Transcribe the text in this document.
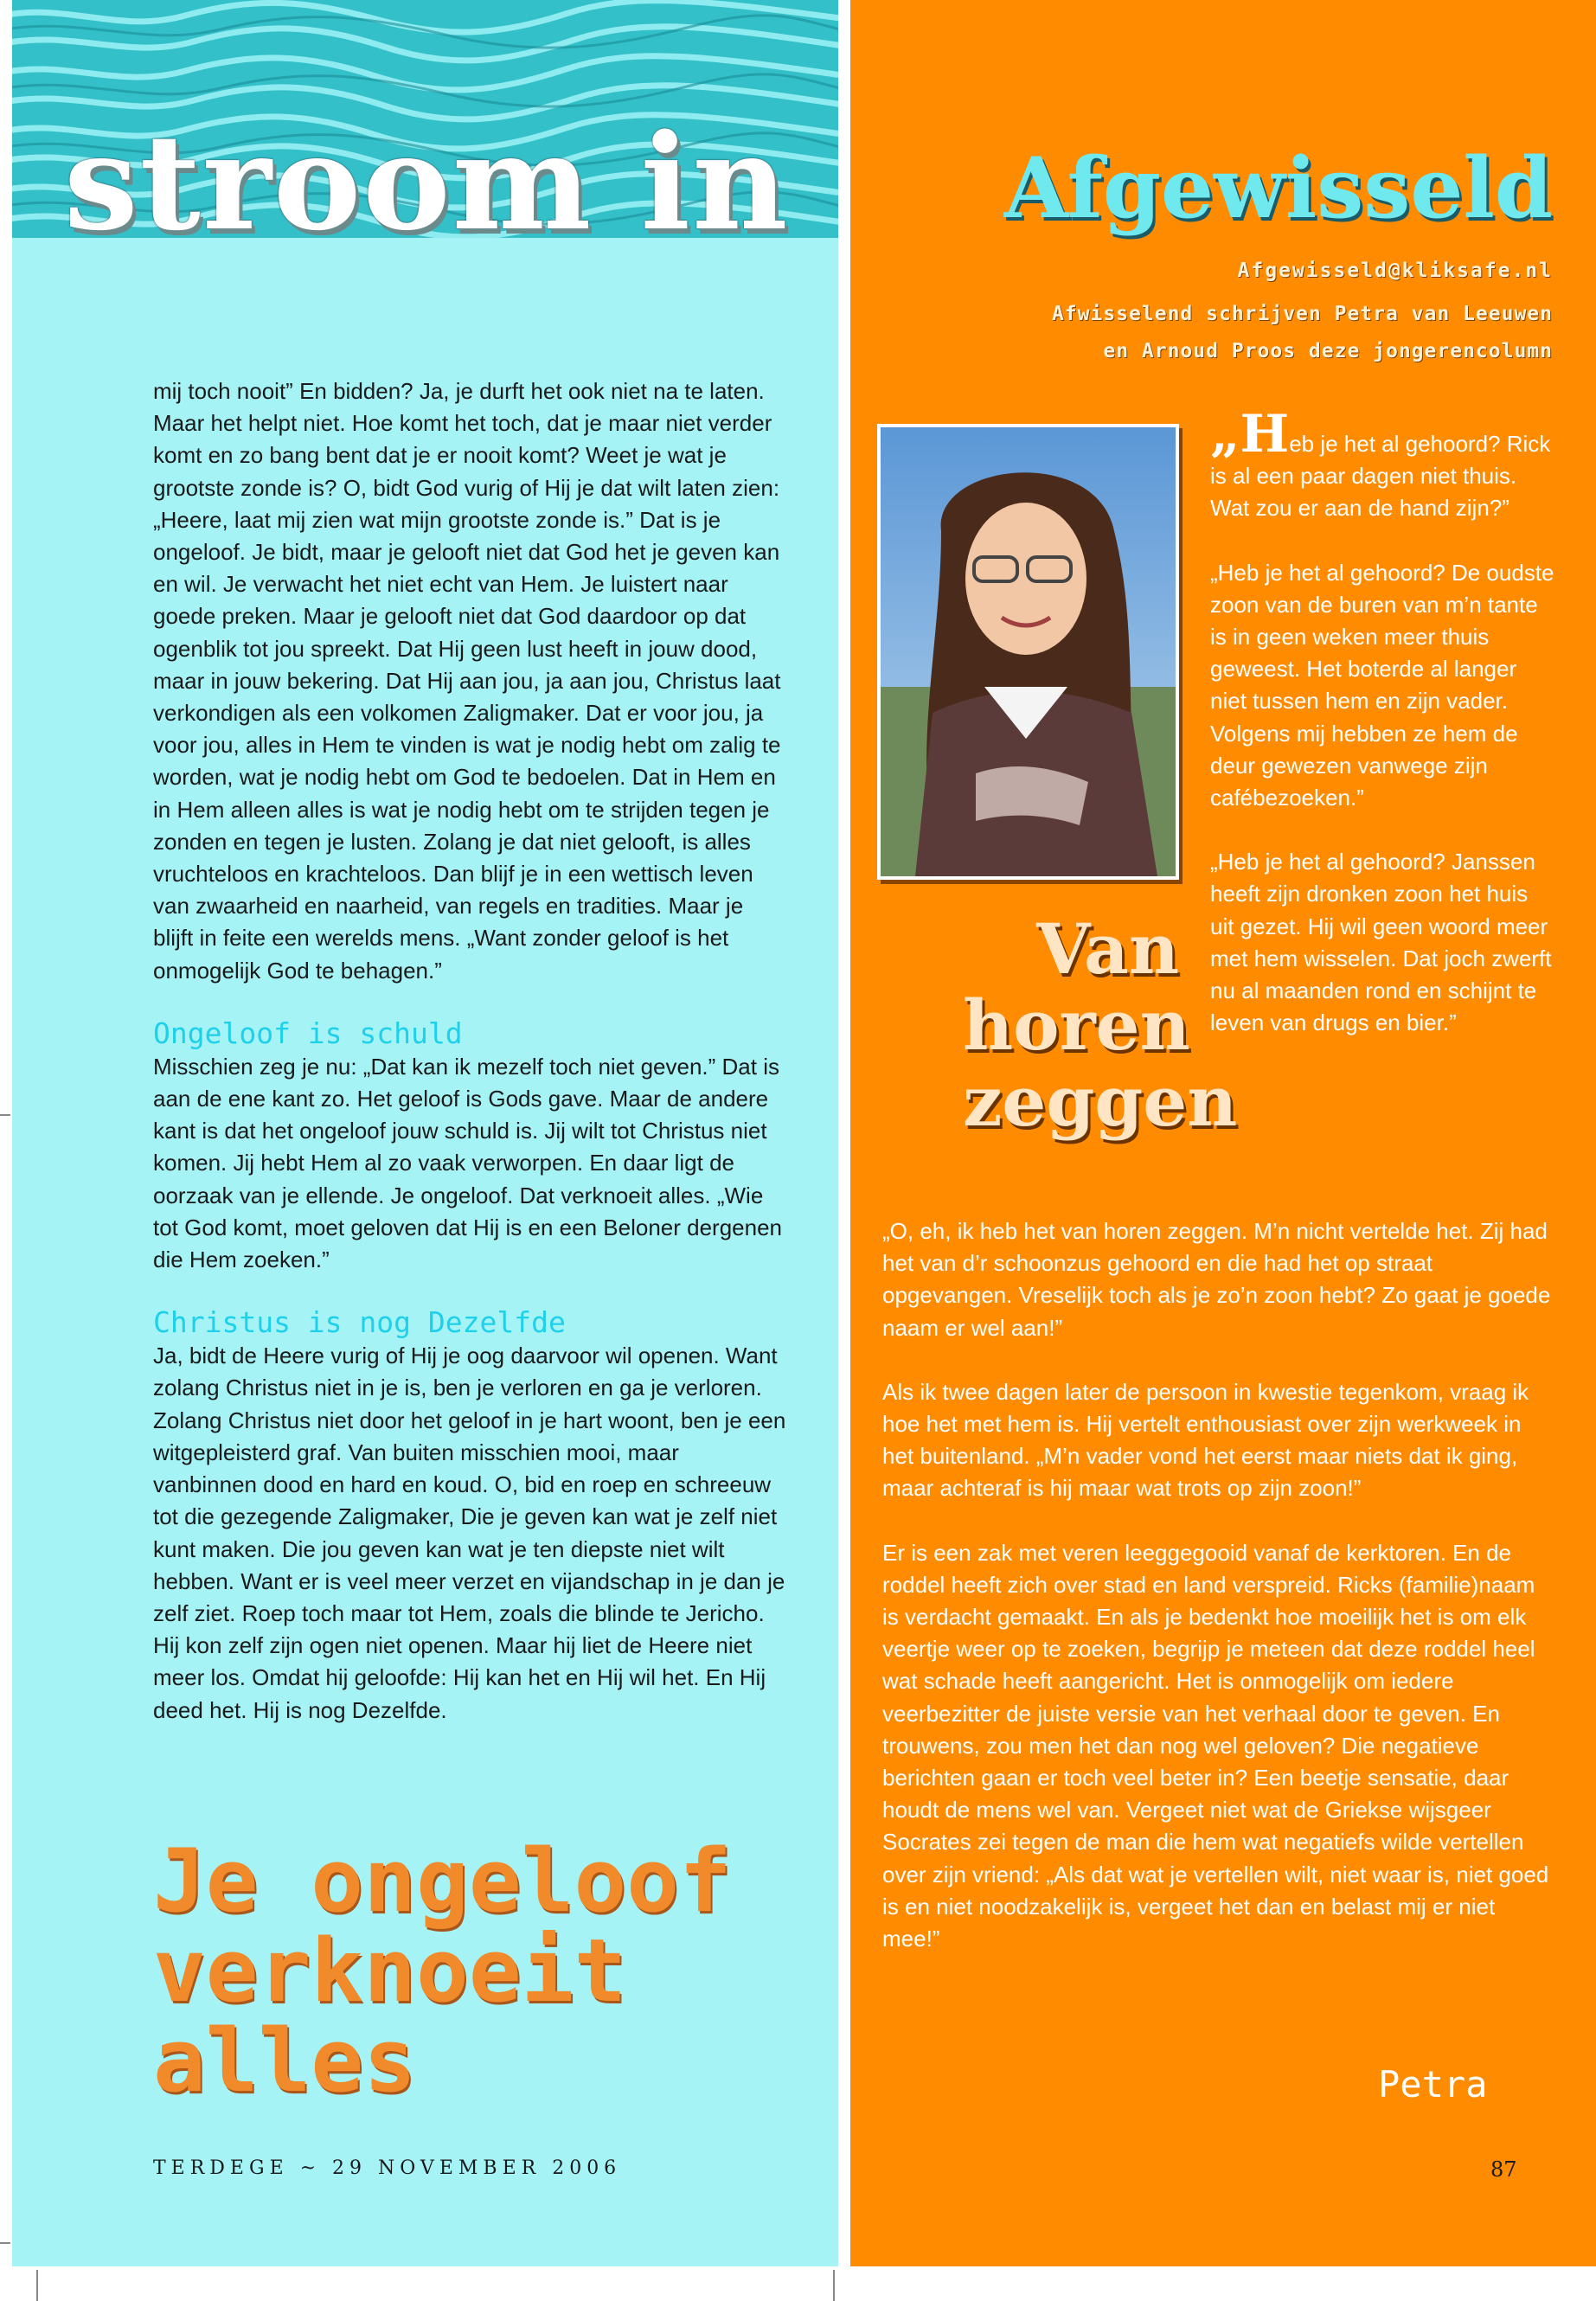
stroom in

mij toch nooit” En bidden? Ja, je durft het ook niet na te laten. Maar het helpt niet. Hoe komt het toch, dat je maar niet verder komt en zo bang bent dat je er nooit komt? Weet je wat je grootste zonde is? O, bidt God vurig of Hij je dat wilt laten zien: „Heere, laat mij zien wat mijn grootste zonde is.” Dat is je ongeloof. Je bidt, maar je gelooft niet dat God het je geven kan en wil. Je verwacht het niet echt van Hem. Je luistert naar goede preken. Maar je gelooft niet dat God daardoor op dat ogenblik tot jou spreekt. Dat Hij geen lust heeft in jouw dood, maar in jouw bekering. Dat Hij aan jou, ja aan jou, Christus laat verkondigen als een volkomen Zaligmaker. Dat er voor jou, ja voor jou, alles in Hem te vinden is wat je nodig hebt om zalig te worden, wat je nodig hebt om God te bedoelen. Dat in Hem en in Hem alleen alles is wat je nodig hebt om te strijden tegen je zonden en tegen je lusten. Zolang je dat niet gelooft, is alles vruchteloos en krachteloos. Dan blijf je in een wettisch leven van zwaarheid en naarheid, van regels en tradities. Maar je blijft in feite een werelds mens. „Want zonder geloof is het onmogelijk God te behagen.”

Ongeloof is schuld

Misschien zeg je nu: „Dat kan ik mezelf toch niet geven.” Dat is aan de ene kant zo. Het geloof is Gods gave. Maar de andere kant is dat het ongeloof jouw schuld is. Jij wilt tot Christus niet komen. Jij hebt Hem al zo vaak verworpen. En daar ligt de oorzaak van je ellende. Je ongeloof. Dat verknoeit alles. „Wie tot God komt, moet geloven dat Hij is en een Beloner dergenen die Hem zoeken.”

Christus is nog Dezelfde

Ja, bidt de Heere vurig of Hij je oog daarvoor wil openen. Want zolang Christus niet in je is, ben je verloren en ga je verloren. Zolang Christus niet door het geloof in je hart woont, ben je een witgepleisterd graf. Van buiten misschien mooi, maar vanbinnen dood en hard en koud. O, bid en roep en schreeuw tot die gezegende Zaligmaker, Die je geven kan wat je zelf niet kunt maken. Die jou geven kan wat je ten diepste niet wilt hebben. Want er is veel meer verzet en vijandschap in je dan je zelf ziet. Roep toch maar tot Hem, zoals die blinde te Jericho. Hij kon zelf zijn ogen niet openen. Maar hij liet de Heere niet meer los. Omdat hij geloofde: Hij kan het en Hij wil het. En Hij deed het. Hij is nog Dezelfde.

Je ongeloof
verknoeit
alles
TERDEGE ~ 29 NOVEMBER 2006
Afgewisseld
Afgewisseld@kliksafe.nl
Afwisselend schrijven Petra van Leeuwen
en Arnoud Proos deze jongerencolumn
Van
horen
zeggen

„Heb je het al gehoord? Rick is al een paar dagen niet thuis. Wat zou er aan de hand zijn?”

„Heb je het al gehoord? De oudste zoon van de buren van m’n tante is in geen weken meer thuis geweest. Het boterde al langer niet tussen hem en zijn vader. Volgens mij hebben ze hem de deur gewezen vanwege zijn cafébezoeken.”

„Heb je het al gehoord? Janssen heeft zijn dronken zoon het huis uit gezet. Hij wil geen woord meer met hem wisselen. Dat joch zwerft nu al maanden rond en schijnt te leven van drugs en bier.”

„O, eh, ik heb het van horen zeggen. M’n nicht vertelde het. Zij had het van d’r schoonzus gehoord en die had het op straat opgevangen. Vreselijk toch als je zo’n zoon hebt? Zo gaat je goede naam er wel aan!”

Als ik twee dagen later de persoon in kwestie tegenkom, vraag ik hoe het met hem is. Hij vertelt enthousiast over zijn werkweek in het buitenland. „M’n vader vond het eerst maar niets dat ik ging, maar achteraf is hij maar wat trots op zijn zoon!”

Er is een zak met veren leeggegooid vanaf de kerktoren. En de roddel heeft zich over stad en land verspreid. Ricks (familie)naam is verdacht gemaakt. En als je bedenkt hoe moeilijk het is om elk veertje weer op te zoeken, begrijp je meteen dat deze roddel heel wat schade heeft aangericht. Het is onmogelijk om iedere veerbezitter de juiste versie van het verhaal door te geven. En trouwens, zou men het dan nog wel geloven? Die negatieve berichten gaan er toch veel beter in? Een beetje sensatie, daar houdt de mens wel van. Vergeet niet wat de Griekse wijsgeer Socrates zei tegen de man die hem wat negatiefs wilde vertellen over zijn vriend: „Als dat wat je vertellen wilt, niet waar is, niet goed is en niet noodzakelijk is, vergeet het dan en belast mij er niet mee!”

Petra
87
